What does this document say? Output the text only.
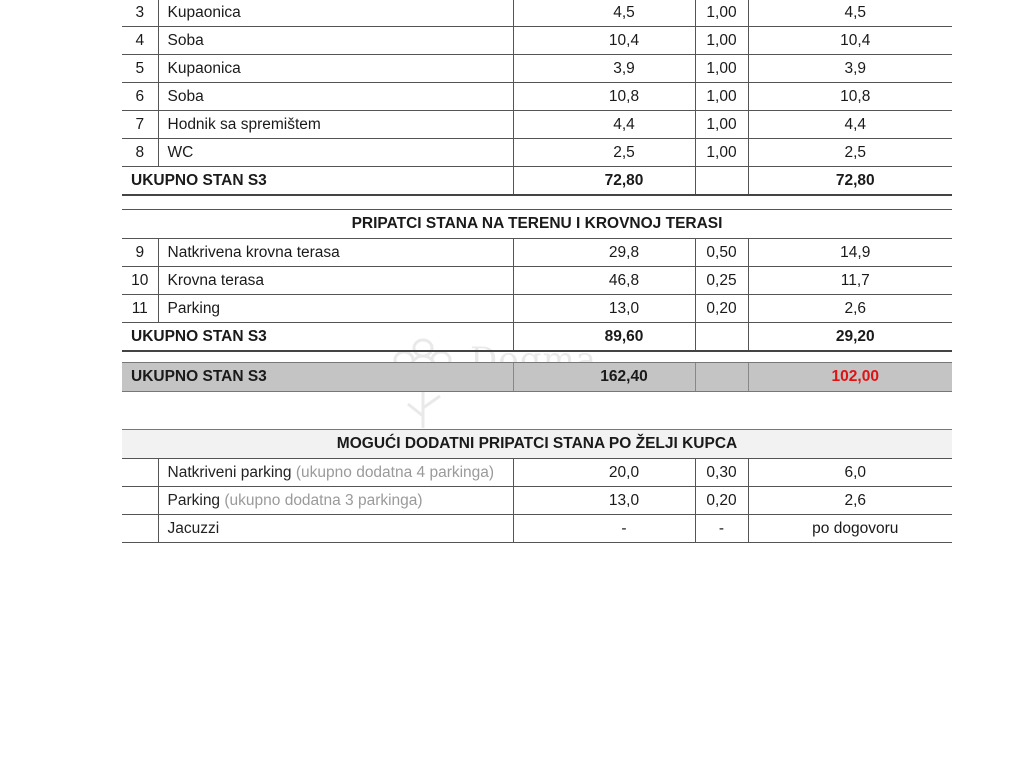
Dogma
3	Kupaonica	4,5	1,00	4,5
4	Soba	10,4	1,00	10,4
5	Kupaonica	3,9	1,00	3,9
6	Soba	10,8	1,00	10,8
7	Hodnik sa spremištem	4,4	1,00	4,4
8	WC	2,5	1,00	2,5
UKUPNO STAN S3		72,80		72,80

PRIPATCI STANA NA TERENU I KROVNOJ TERASI				
9	Natkrivena krovna terasa	29,8	0,50	14,9
10	Krovna terasa	46,8	0,25	11,7
11	Parking	13,0	0,20	2,6
UKUPNO STAN S3		89,60		29,20

UKUPNO STAN S3		162,40		102,00
MOGUĆI DODATNI PRIPATCI STANA PO ŽELJI KUPCA				
	Natkriveni parking (ukupno dodatna 4 parkinga)	20,0	0,30	6,0
	Parking (ukupno dodatna 3 parkinga)	13,0	0,20	2,6
	Jacuzzi	-	-	po dogovoru
